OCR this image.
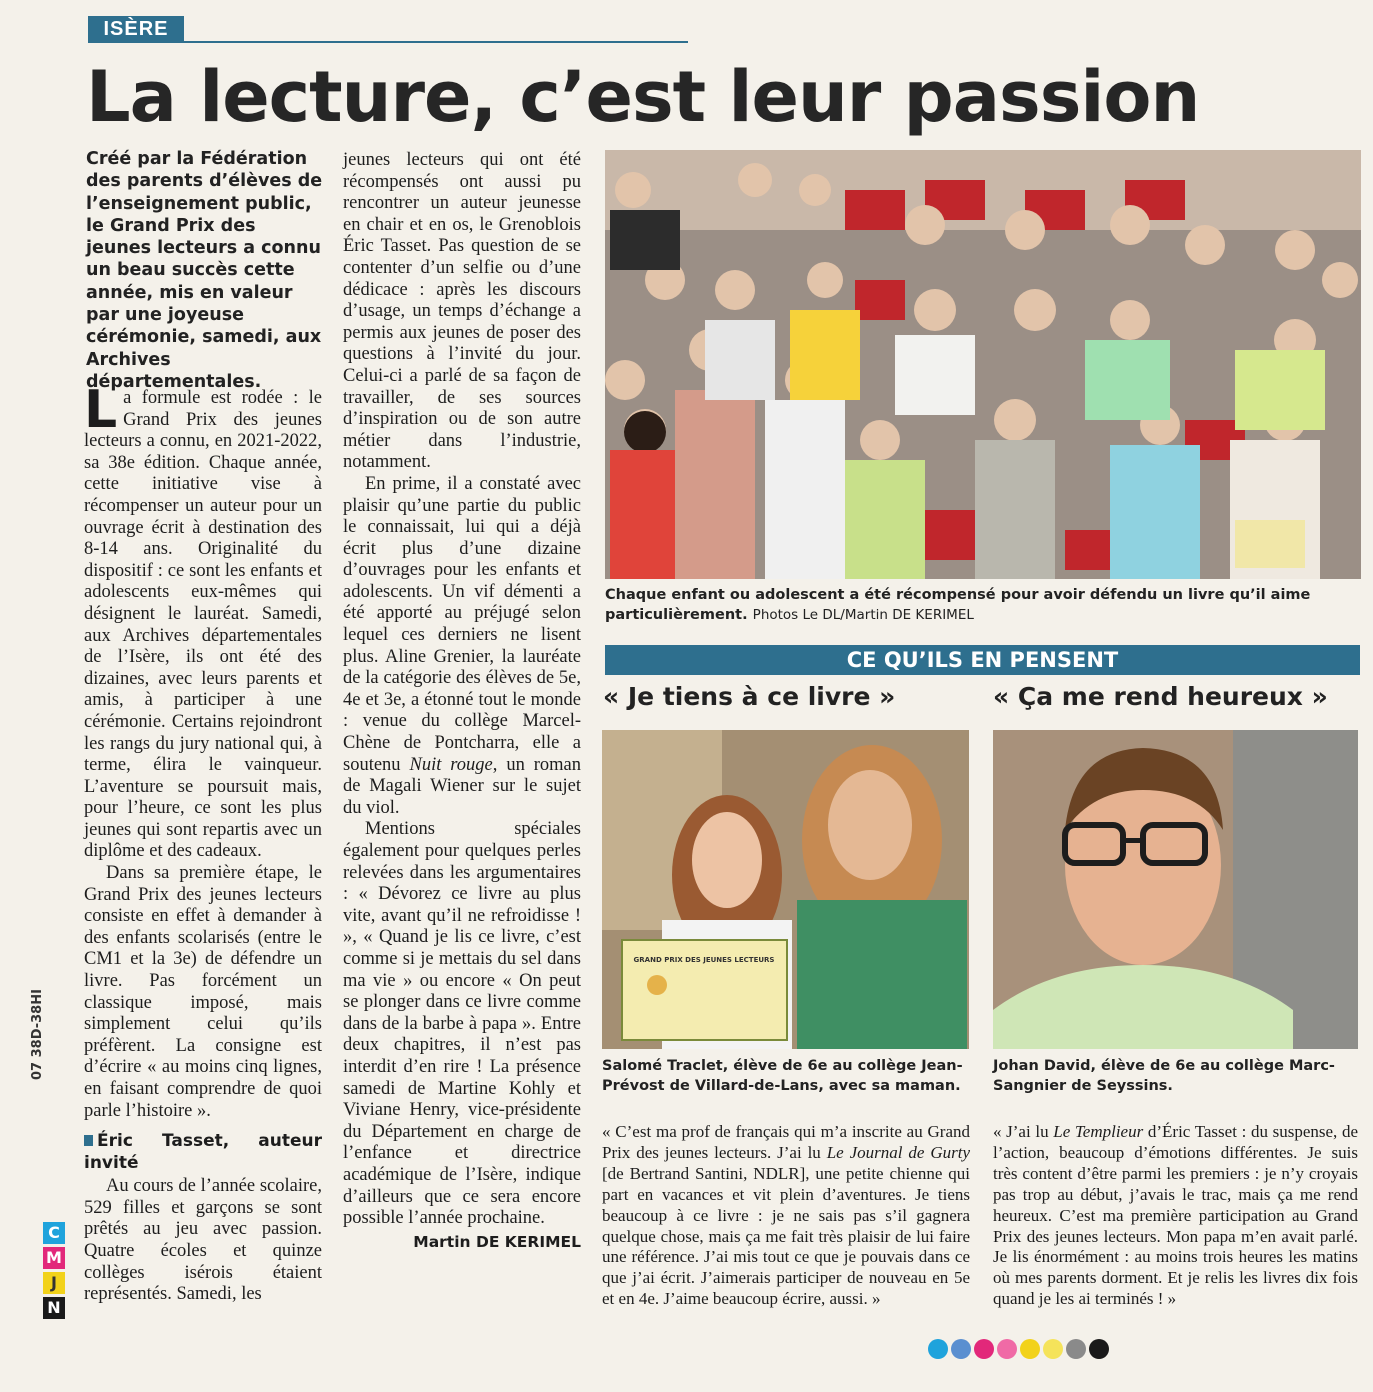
ISÈRE
La lecture, c’est leur passion
Créé par la Fédération des parents d’élèves de l’enseignement public, le Grand Prix des jeunes lecteurs a connu un beau succès cette année, mis en valeur par une joyeuse cérémonie, samedi, aux Archives départementales.

La formule est rodée : le Grand Prix des jeunes lecteurs a connu, en 2021-2022, sa 38e édition. Chaque année, cette initiative vise à récompenser un auteur pour un ouvrage écrit à destination des 8-14 ans. Originalité du dispositif : ce sont les enfants et adolescents eux-mêmes qui désignent le lauréat. Samedi, aux Archives départementales de l’Isère, ils ont été des dizaines, avec leurs parents et amis, à participer à une cérémonie. Certains rejoindront les rangs du jury national qui, à terme, élira le vainqueur. L’aventure se poursuit mais, pour l’heure, ce sont les plus jeunes qui sont repartis avec un diplôme et des cadeaux.

Dans sa première étape, le Grand Prix des jeunes lecteurs consiste en effet à demander à des enfants scolarisés (entre le CM1 et la 3e) de défendre un livre. Pas forcément un classique imposé, mais simplement celui qu’ils préfèrent. La consigne est d’écrire « au moins cinq lignes, en faisant comprendre de quoi parle l’histoire ».

Éric Tasset, auteur invité

Au cours de l’année scolaire, 529 filles et garçons se sont prêtés au jeu avec passion. Quatre écoles et quinze collèges isérois étaient représentés. Samedi, les

jeunes lecteurs qui ont été récompensés ont aussi pu rencontrer un auteur jeunesse en chair et en os, le Grenoblois Éric Tasset. Pas question de se contenter d’un selfie ou d’une dédicace : après les discours d’usage, un temps d’échange a permis aux jeunes de poser des questions à l’invité du jour. Celui-ci a parlé de sa façon de travailler, de ses sources d’inspiration ou de son autre métier dans l’industrie, notamment.

En prime, il a constaté avec plaisir qu’une partie du public le connaissait, lui qui a déjà écrit plus d’une dizaine d’ouvrages pour les enfants et adolescents. Un vif démenti a été apporté au préjugé selon lequel ces derniers ne lisent plus. Aline Grenier, la lauréate de la catégorie des élèves de 5e, 4e et 3e, a étonné tout le monde : venue du collège Marcel-Chène de Pontcharra, elle a soutenu Nuit rouge, un roman de Magali Wiener sur le sujet du viol.

Mentions spéciales également pour quelques perles relevées dans les argumentaires : « Dévorez ce livre au plus vite, avant qu’il ne refroidisse ! », « Quand je lis ce livre, c’est comme si je mettais du sel dans ma vie » ou encore « On peut se plonger dans ce livre comme dans de la barbe à papa ». Entre deux chapitres, il n’est pas interdit d’en rire ! La présence samedi de Martine Kohly et Viviane Henry, vice-présidente du Département en charge de l’enfance et directrice académique de l’Isère, indique d’ailleurs que ce sera encore possible l’année prochaine.

Martin DE KERIMEL
Chaque enfant ou adolescent a été récompensé pour avoir défendu un livre qu’il aime particulièrement. Photos Le DL/Martin DE KERIMEL
CE QU’ILS EN PENSENT
« Je tiens à ce livre »	« Ça me rend heureux »
GRAND PRIX DES JEUNES LECTEURS
Salomé Traclet, élève de 6e au collège Jean-Prévost de Villard-de-Lans, avec sa maman.
Johan David, élève de 6e au collège Marc-Sangnier de Seyssins.
« C’est ma prof de français qui m’a inscrite au Grand Prix des jeunes lecteurs. J’ai lu Le Journal de Gurty [de Bertrand Santini, NDLR], une petite chienne qui part en vacances et vit plein d’aventures. Je tiens beaucoup à ce livre : je ne sais pas s’il gagnera quelque chose, mais ça me fait très plaisir de lui faire une référence. J’ai mis tout ce que je pouvais dans ce que j’ai écrit. J’aimerais participer de nouveau en 5e et en 4e. J’aime beaucoup écrire, aussi. »
« J’ai lu Le Templieur d’Éric Tasset : du suspense, de l’action, beaucoup d’émotions différentes. Je suis très content d’être parmi les premiers : je n’y croyais pas trop au début, j’avais le trac, mais ça me rend heureux. C’est ma première participation au Grand Prix des jeunes lecteurs. Mon papa m’en avait parlé. Je lis énormément : au moins trois heures les matins où mes parents dorment. Et je relis les livres dix fois quand je les ai terminés ! »
07 38D-38HI
C
M
J
N
